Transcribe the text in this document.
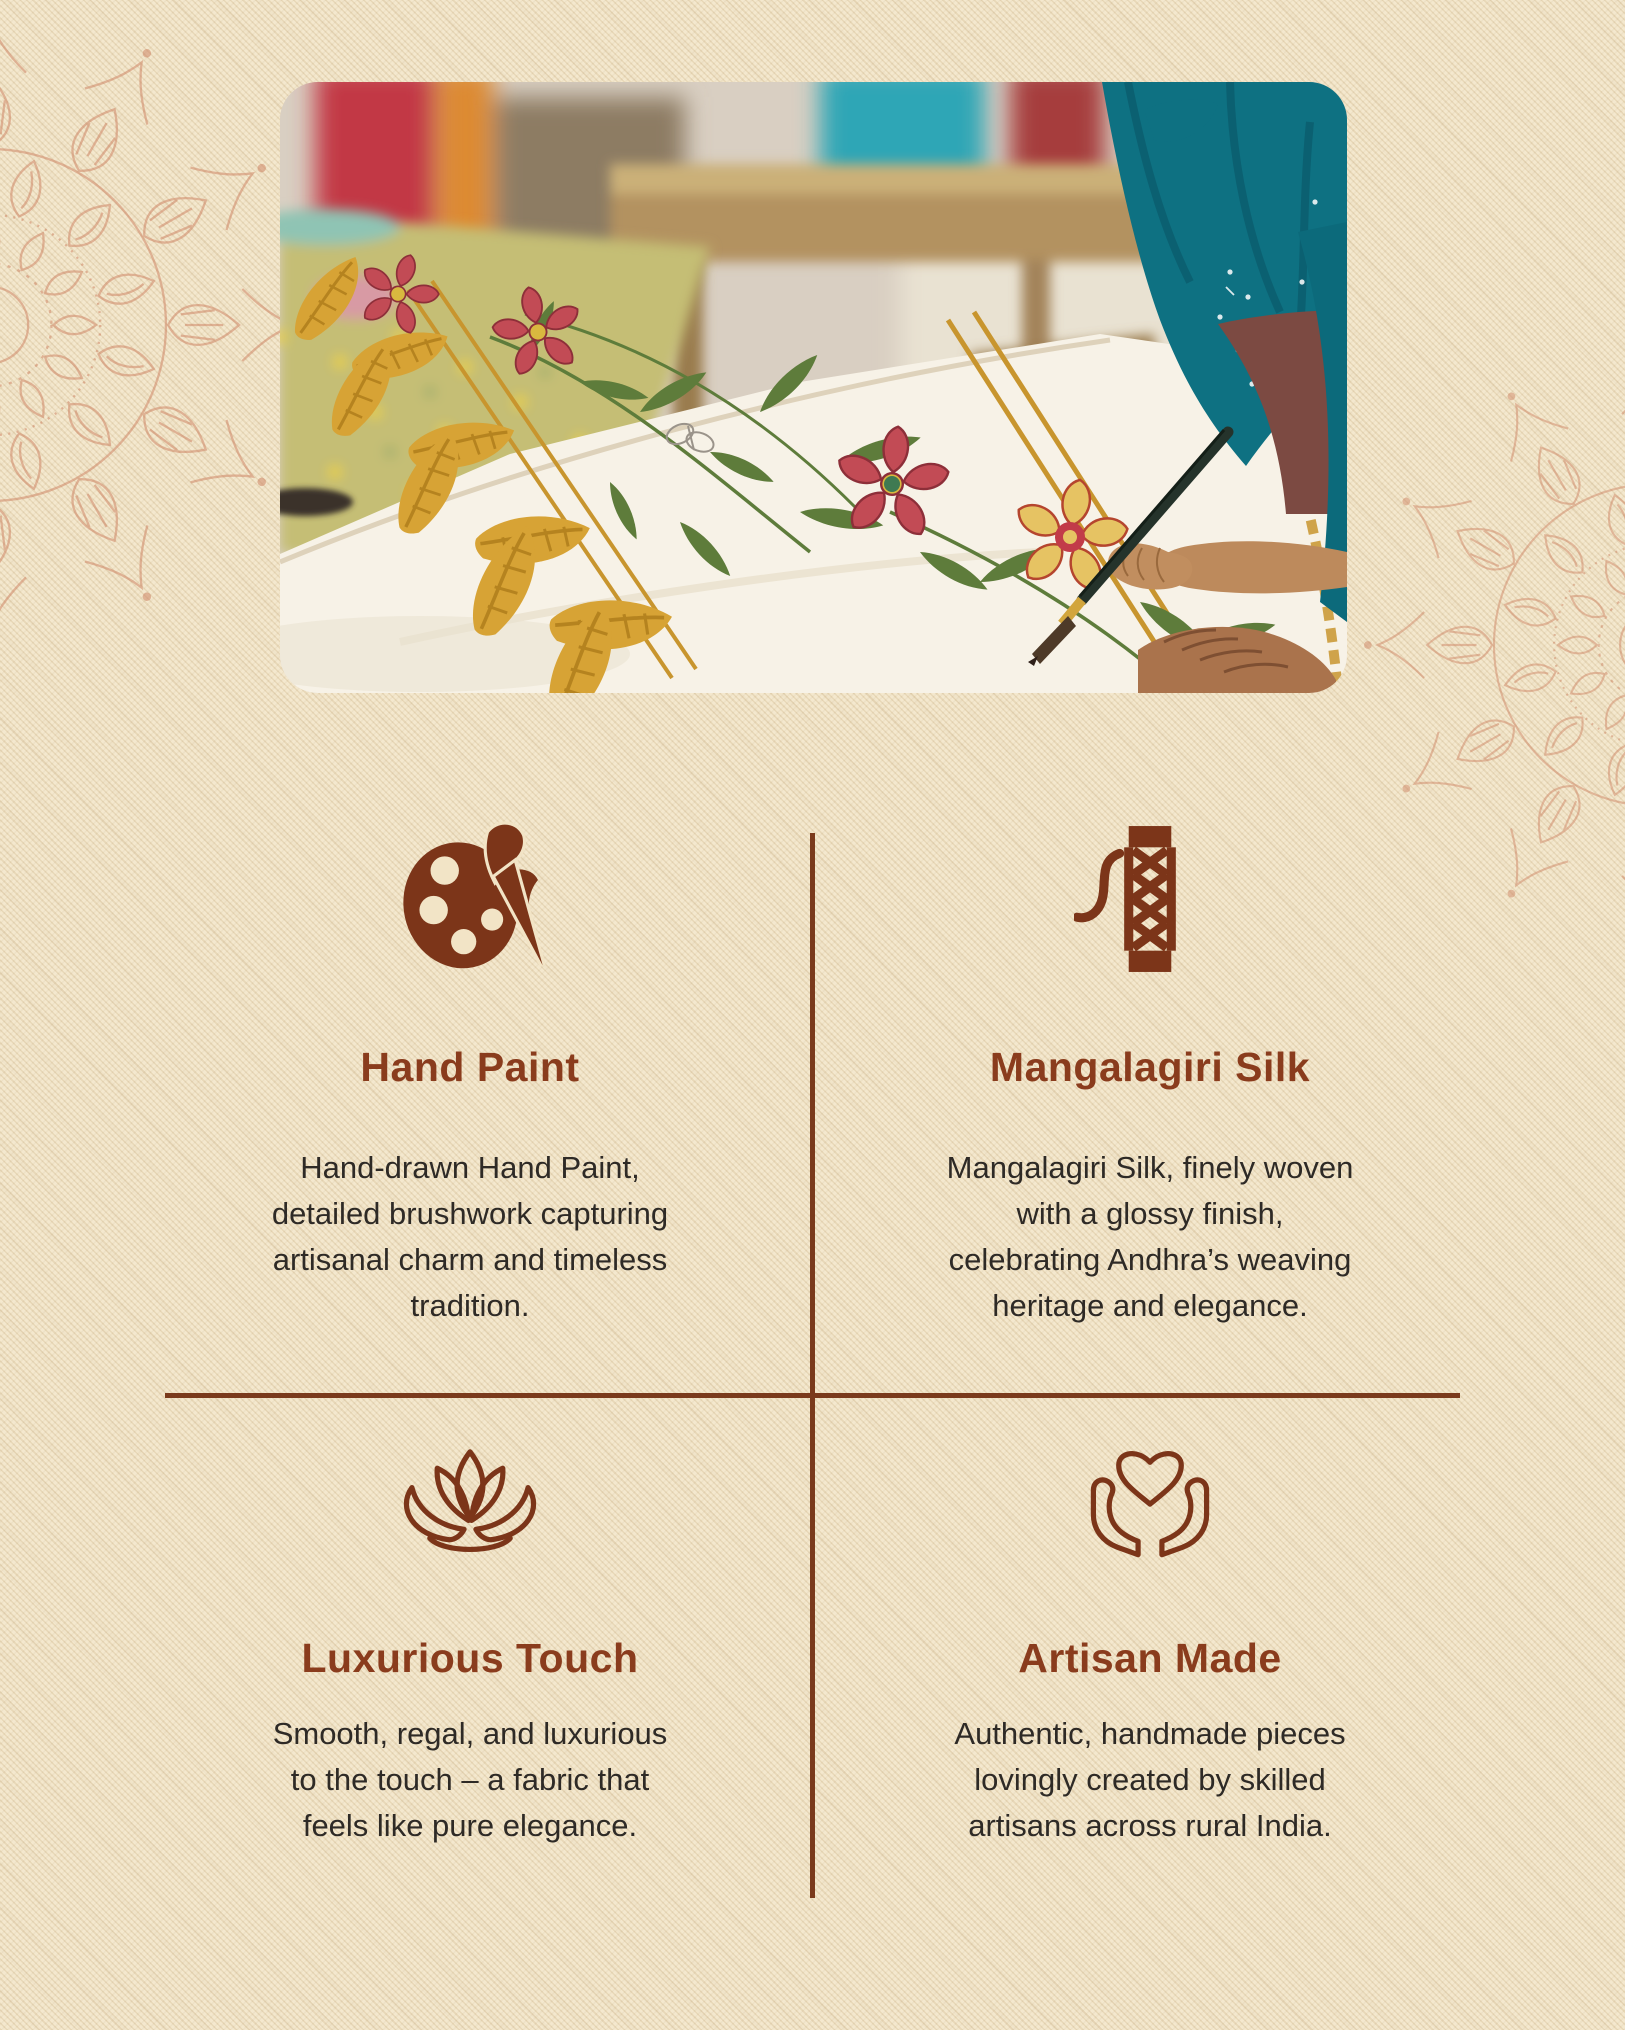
Hand Paint
Hand-drawn Hand Paint, detailed brushwork capturing artisanal charm and timeless tradition.
Mangalagiri Silk
Mangalagiri Silk, finely woven with a glossy finish, celebrating Andhra’s weaving heritage and elegance.
Luxurious Touch
Smooth, regal, and luxurious to the touch – a fabric that feels like pure elegance.
Artisan Made
Authentic, handmade pieces lovingly created by skilled artisans across rural India.
